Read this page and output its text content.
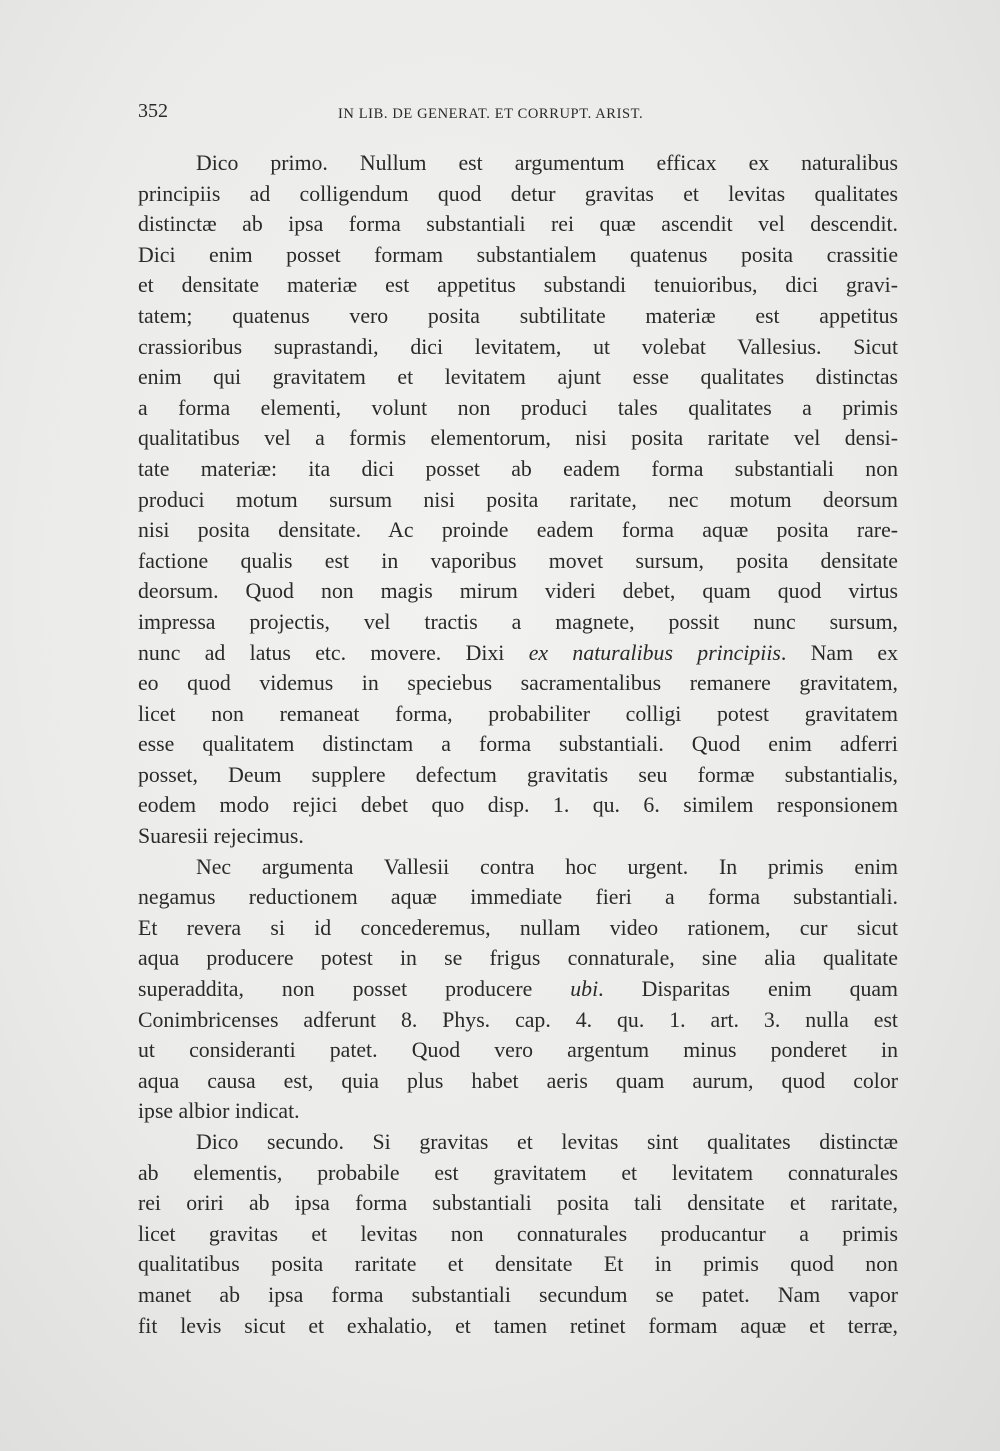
352	IN LIB. DE GENERAT. ET CORRUPT. ARIST.

Dico primo. Nullum est argumentum efficax ex naturalibus

principiis ad colligendum quod detur gravitas et levitas qualitates

distinctæ ab ipsa forma substantiali rei quæ ascendit vel descendit.

Dici enim posset formam substantialem quatenus posita crassitie

et densitate materiæ est appetitus substandi tenuioribus, dici gravi-

tatem; quatenus vero posita subtilitate materiæ est appetitus

crassioribus suprastandi, dici levitatem, ut volebat Vallesius. Sicut

enim qui gravitatem et levitatem ajunt esse qualitates distinctas

a forma elementi, volunt non produci tales qualitates a primis

qualitatibus vel a formis elementorum, nisi posita raritate vel densi-

tate materiæ: ita dici posset ab eadem forma substantiali non

produci motum sursum nisi posita raritate, nec motum deorsum

nisi posita densitate. Ac proinde eadem forma aquæ posita rare-

factione qualis est in vaporibus movet sursum, posita densitate

deorsum. Quod non magis mirum videri debet, quam quod virtus

impressa projectis, vel tractis a magnete, possit nunc sursum,

nunc ad latus etc. movere. Dixi ex naturalibus principiis. Nam ex

eo quod videmus in speciebus sacramentalibus remanere gravitatem,

licet non remaneat forma, probabiliter colligi potest gravitatem

esse qualitatem distinctam a forma substantiali. Quod enim adferri

posset, Deum supplere defectum gravitatis seu formæ substantialis,

eodem modo rejici debet quo disp. 1. qu. 6. similem responsionem

Suaresii rejecimus.

Nec argumenta Vallesii contra hoc urgent. In primis enim

negamus reductionem aquæ immediate fieri a forma substantiali.

Et revera si id concederemus, nullam video rationem, cur sicut

aqua producere potest in se frigus connaturale, sine alia qualitate

superaddita, non posset producere ubi. Disparitas enim quam

Conimbricenses adferunt 8. Phys. cap. 4. qu. 1. art. 3. nulla est

ut consideranti patet. Quod vero argentum minus ponderet in

aqua causa est, quia plus habet aeris quam aurum, quod color

ipse albior indicat.

Dico secundo. Si gravitas et levitas sint qualitates distinctæ

ab elementis, probabile est gravitatem et levitatem connaturales

rei oriri ab ipsa forma substantiali posita tali densitate et raritate,

licet gravitas et levitas non connaturales producantur a primis

qualitatibus posita raritate et densitate Et in primis quod non

manet ab ipsa forma substantiali secundum se patet. Nam vapor

fit levis sicut et exhalatio, et tamen retinet formam aquæ et terræ,
